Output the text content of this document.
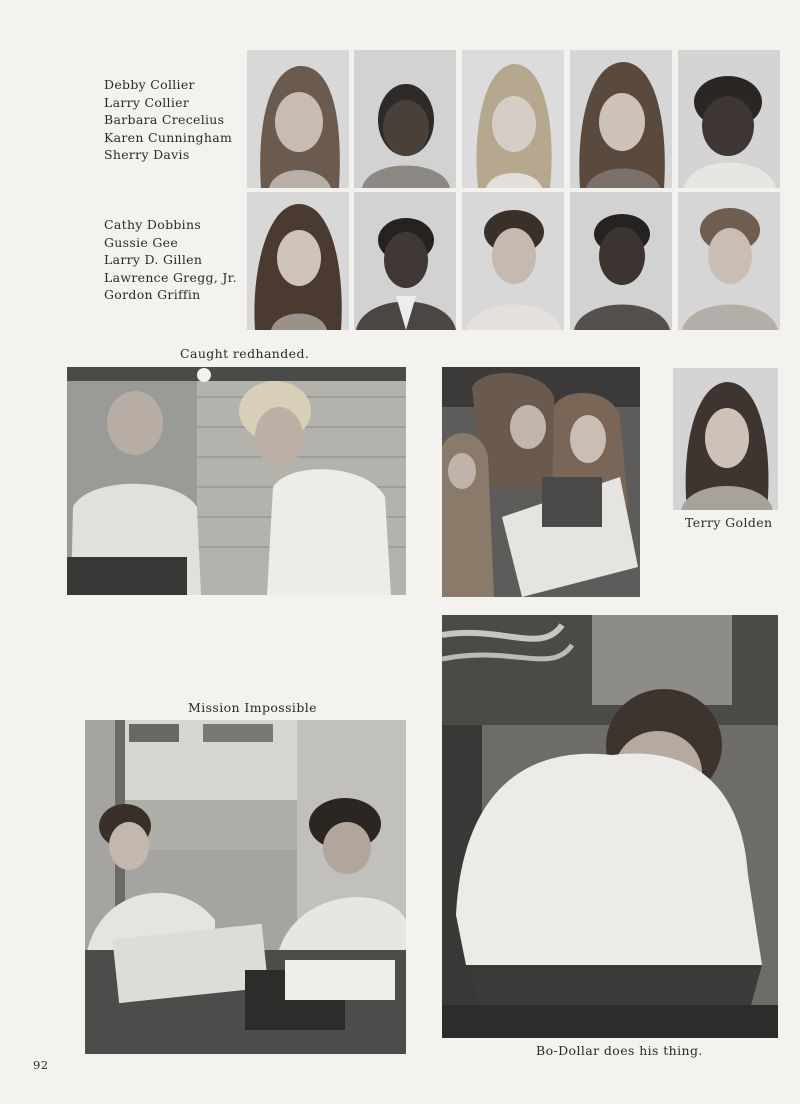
Debby Collier
Larry Collier
Barbara Crecelius
Karen Cunningham
Sherry Davis
Cathy Dobbins
Gussie Gee
Larry D. Gillen
Lawrence Gregg, Jr.
Gordon Griffin
Caught redhanded.
Terry Golden
Mission Impossible
Bo-Dollar does his thing.
92
